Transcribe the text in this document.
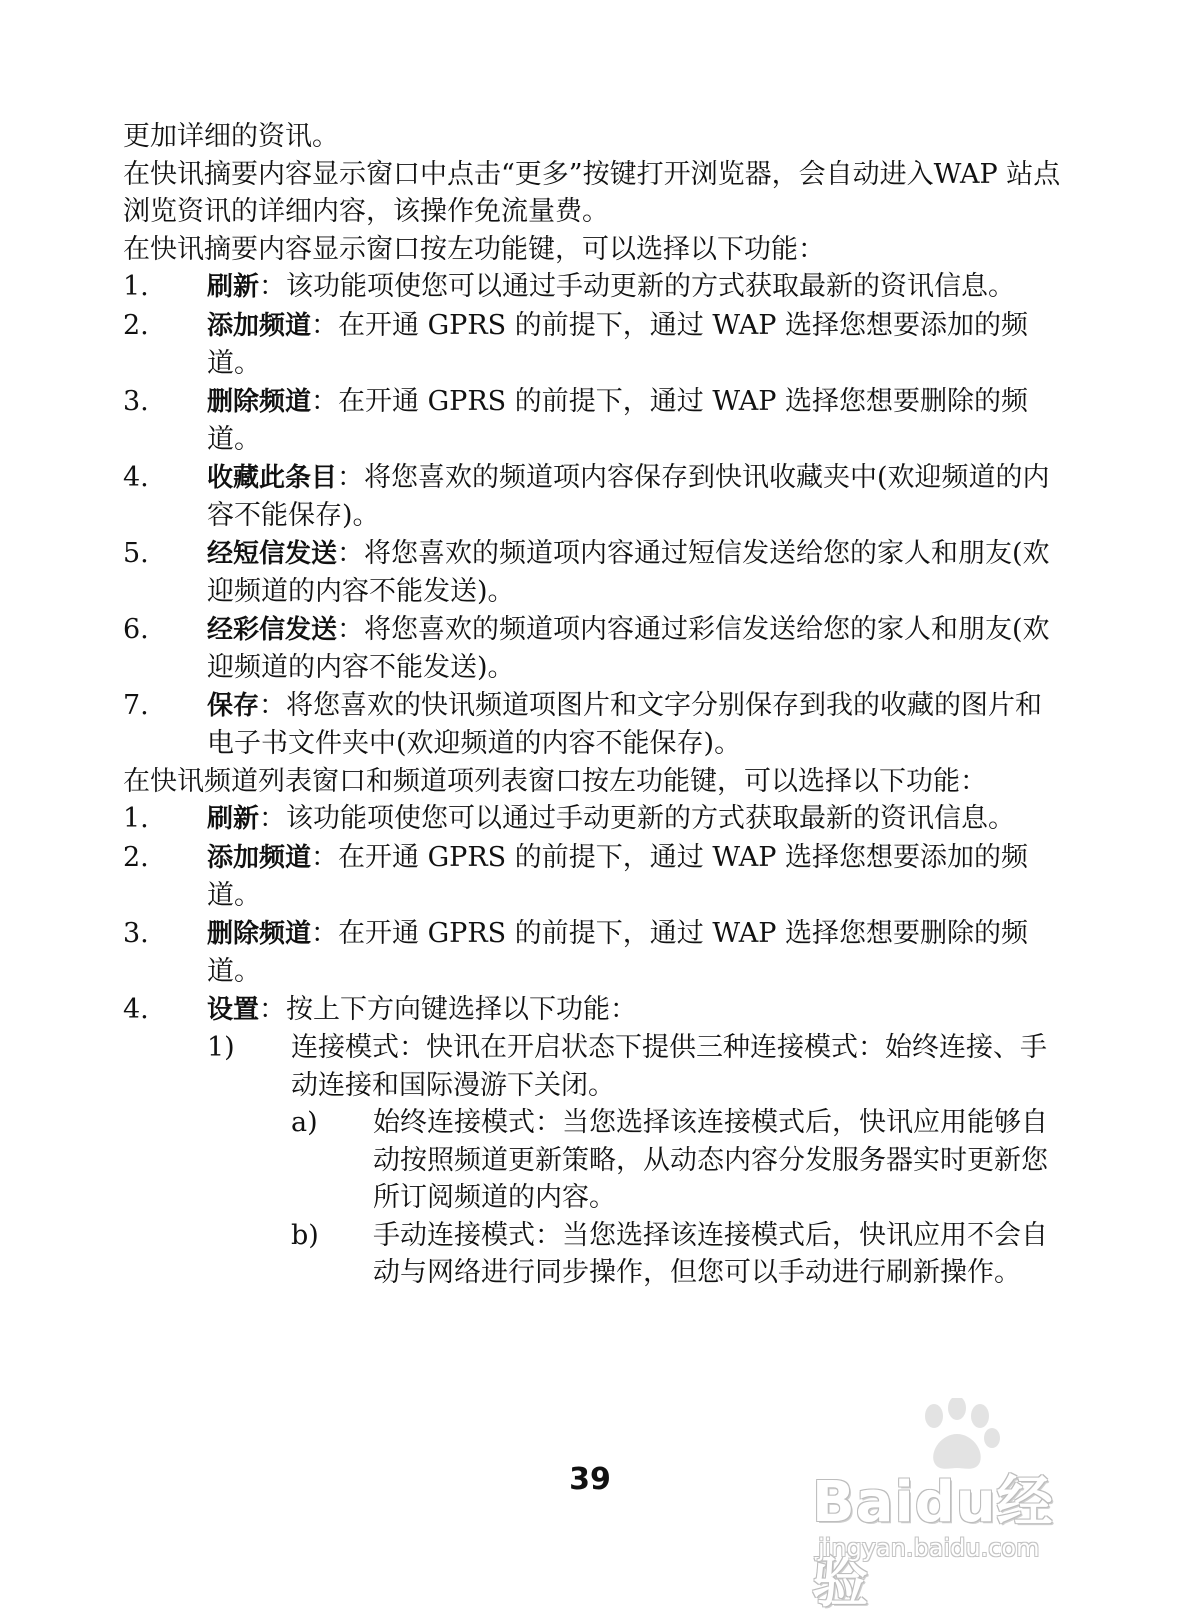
更加详细的资讯。

在快讯摘要内容显示窗口中点击“更多”按键打开浏览器，会自动进入WAP 站点浏览资讯的详细内容，该操作免流量费。

在快讯摘要内容显示窗口按左功能键，可以选择以下功能：

1.	刷新：该功能项使您可以通过手动更新的方式获取最新的资讯信息。
2.	添加频道：在开通 GPRS 的前提下，通过 WAP 选择您想要添加的频道。
3.	删除频道：在开通 GPRS 的前提下，通过 WAP 选择您想要删除的频道。
4.	收藏此条目：将您喜欢的频道项内容保存到快讯收藏夹中(欢迎频道的内容不能保存)。
5.	经短信发送：将您喜欢的频道项内容通过短信发送给您的家人和朋友(欢迎频道的内容不能发送)。
6.	经彩信发送：将您喜欢的频道项内容通过彩信发送给您的家人和朋友(欢迎频道的内容不能发送)。
7.	保存：将您喜欢的快讯频道项图片和文字分别保存到我的收藏的图片和电子书文件夹中(欢迎频道的内容不能保存)。

在快讯频道列表窗口和频道项列表窗口按左功能键，可以选择以下功能：

1.	刷新：该功能项使您可以通过手动更新的方式获取最新的资讯信息。
2.	添加频道：在开通 GPRS 的前提下，通过 WAP 选择您想要添加的频道。
3.	删除频道：在开通 GPRS 的前提下，通过 WAP 选择您想要删除的频道。
4.	设置：按上下方向键选择以下功能：
1)	连接模式：快讯在开启状态下提供三种连接模式：始终连接、手动连接和国际漫游下关闭。
a)	始终连接模式：当您选择该连接模式后，快讯应用能够自动按照频道更新策略，从动态内容分发服务器实时更新您所订阅频道的内容。
b)	手动连接模式：当您选择该连接模式后，快讯应用不会自动与网络进行同步操作，但您可以手动进行刷新操作。
39	Baidu经验
jingyan.baidu.com
